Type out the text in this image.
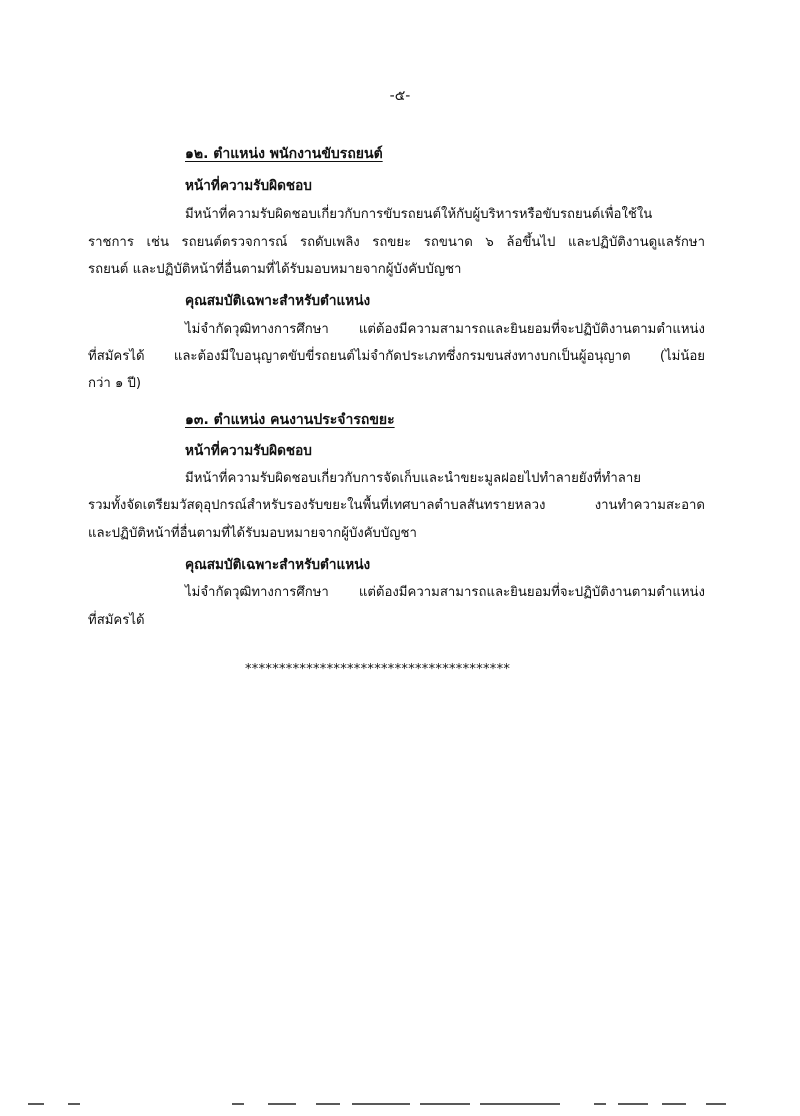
-๕-
๑๒. ตำแหน่ง พนักงานขับรถยนต์
หน้าที่ความรับผิดชอบ
มีหน้าที่ความรับผิดชอบเกี่ยวกับการขับรถยนต์ให้กับผู้บริหารหรือขับรถยนต์เพื่อใช้ใน
ราชการ เช่น รถยนต์ตรวจการณ์ รถดับเพลิง รถขยะ รถขนาด ๖ ล้อขึ้นไป และปฏิบัติงานดูแลรักษา
รถยนต์ และปฏิบัติหน้าที่อื่นตามที่ได้รับมอบหมายจากผู้บังคับบัญชา
คุณสมบัติเฉพาะสำหรับตำแหน่ง
ไม่จำกัดวุฒิทางการศึกษา แต่ต้องมีความสามารถและยินยอมที่จะปฏิบัติงานตามตำแหน่ง
ที่สมัครได้ และต้องมีใบอนุญาตขับขี่รถยนต์ไม่จำกัดประเภทซึ่งกรมขนส่งทางบกเป็นผู้อนุญาต (ไม่น้อย
กว่า ๑ ปี)
๑๓. ตำแหน่ง คนงานประจำรถขยะ
หน้าที่ความรับผิดชอบ
มีหน้าที่ความรับผิดชอบเกี่ยวกับการจัดเก็บและนำขยะมูลฝอยไปทำลายยังที่ทำลาย
รวมทั้งจัดเตรียมวัสดุอุปกรณ์สำหรับรองรับขยะในพื้นที่เทศบาลตำบลสันทรายหลวง งานทำความสะอาด
และปฏิบัติหน้าที่อื่นตามที่ได้รับมอบหมายจากผู้บังคับบัญชา
คุณสมบัติเฉพาะสำหรับตำแหน่ง
ไม่จำกัดวุฒิทางการศึกษา แต่ต้องมีความสามารถและยินยอมที่จะปฏิบัติงานตามตำแหน่ง
ที่สมัครได้
***************************************
